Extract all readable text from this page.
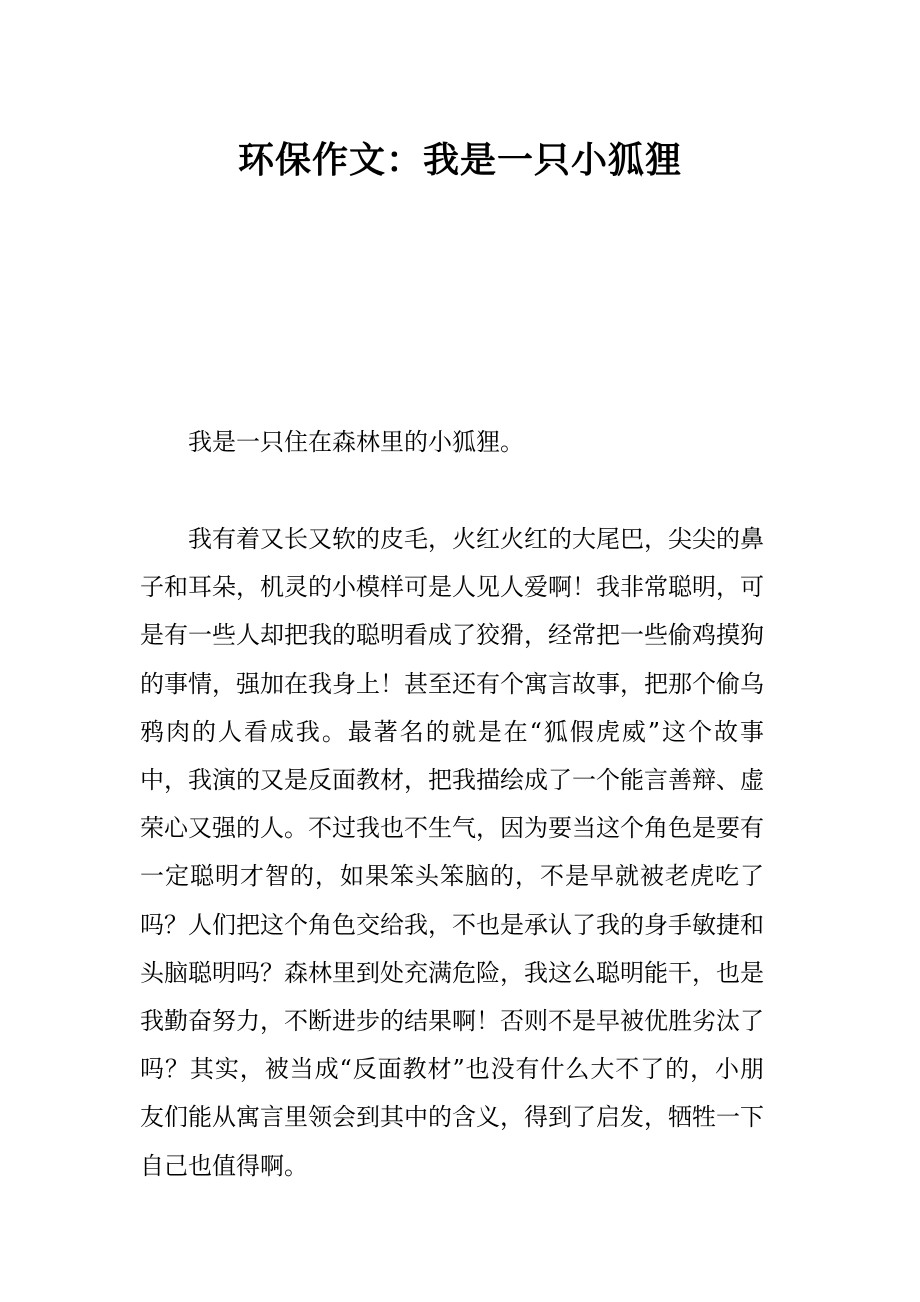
环保作文：我是一只小狐狸

我是一只住在森林里的小狐狸。

我有着又长又软的皮毛，火红火红的大尾巴，尖尖的鼻子和耳朵，机灵的小模样可是人见人爱啊！我非常聪明，可是有一些人却把我的聪明看成了狡猾，经常把一些偷鸡摸狗的事情，强加在我身上！甚至还有个寓言故事，把那个偷乌鸦肉的人看成我。最著名的就是在“狐假虎威”这个故事中，我演的又是反面教材，把我描绘成了一个能言善辩、虚荣心又强的人。不过我也不生气，因为要当这个角色是要有一定聪明才智的，如果笨头笨脑的，不是早就被老虎吃了吗？人们把这个角色交给我，不也是承认了我的身手敏捷和头脑聪明吗？森林里到处充满危险，我这么聪明能干，也是我勤奋努力，不断进步的结果啊！否则不是早被优胜劣汰了吗？其实，被当成“反面教材”也没有什么大不了的，小朋友们能从寓言里领会到其中的含义，得到了启发，牺牲一下自己也值得啊。
